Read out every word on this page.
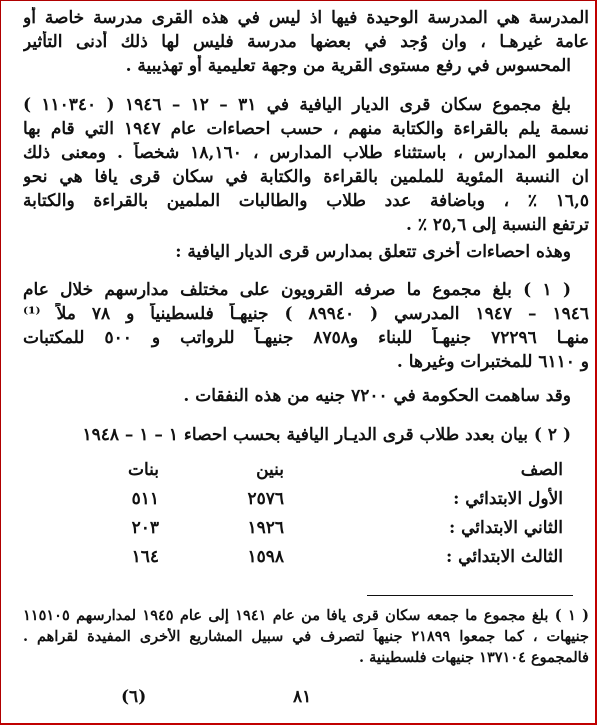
المدرسة هي المدرسة الوحيدة فيها اذ ليس في هذه القرى مدرسة خاصة أو
عامة غيرهـا ، وان وُجد في بعضها مدرسة فليس لها ذلك أدنى التأثير
المحسوس في رفع مستوى القرية من وجهة تعليمية أو تهذيبية .
بلغ مجموع سكان قرى الديار اليافية في ٣١ – ١٢ – ١٩٤٦ ( ١١٠٣٤٠ )
نسمة يلم بالقراءة والكتابة منهم ، حسب احصاءات عام ١٩٤٧ التي قام بها
معلمو المدارس ، باستثناء طلاب المدارس ، ١٨,١٦٠ شخصاً . ومعنى ذلك
ان النسبة المئوية للملمين بالقراءة والكتابة في سكان قرى يافا هي نحو
١٦,٥ ٪ ، وباضافة عدد طلاب والطالبات الملمين بالقراءة والكتابة
ترتفع النسبة إلى ٢٥,٦ ٪ .
وهذه احصاءات أخرى تتعلق بمدارس قرى الديار اليافية :
( ١ ) بلغ مجموع ما صرفه القرويون على مختلف مدارسهم خلال عام
١٩٤٦ – ١٩٤٧ المدرسي ( ٨٩٩٤٠ ) جنيهـاً فلسطينياً و ٧٨ ملاً ⁽¹⁾
منهـا ٧٢٢٩٦ جنيهـاً للبناء و٨٧٥٨ جنيهـاً للرواتب و ٥٠٠ للمكتبات
و ٦١١٠ للمختبرات وغيرها .
وقد ساهمت الحكومة في ٧٢٠٠ جنيه من هذه النفقات .
( ٢ ) بيان بعدد طلاب قرى الديـار اليافية بحسب احصاء ١ – ١ – ١٩٤٨
الصف
بنين
بنات
الأول الابتدائي :
٢٥٧٦
٥١١
الثاني الابتدائي :
١٩٢٦
٢٠٣
الثالث الابتدائي :
١٥٩٨
١٦٤
( ١ ) بلغ مجموع ما جمعه سكان قرى يافا من عام ١٩٤١ إلى عام ١٩٤٥ لمدارسهم ١١٥١٠٥
جنيهات ، كما جمعوا ٢١٨٩٩ جنيهاً لتصرف في سبيل المشاريع الأخرى المفيدة لقراهم .
فالمجموع ١٣٧١٠٤ جنيهات فلسطينية .
٨١
(٦)
